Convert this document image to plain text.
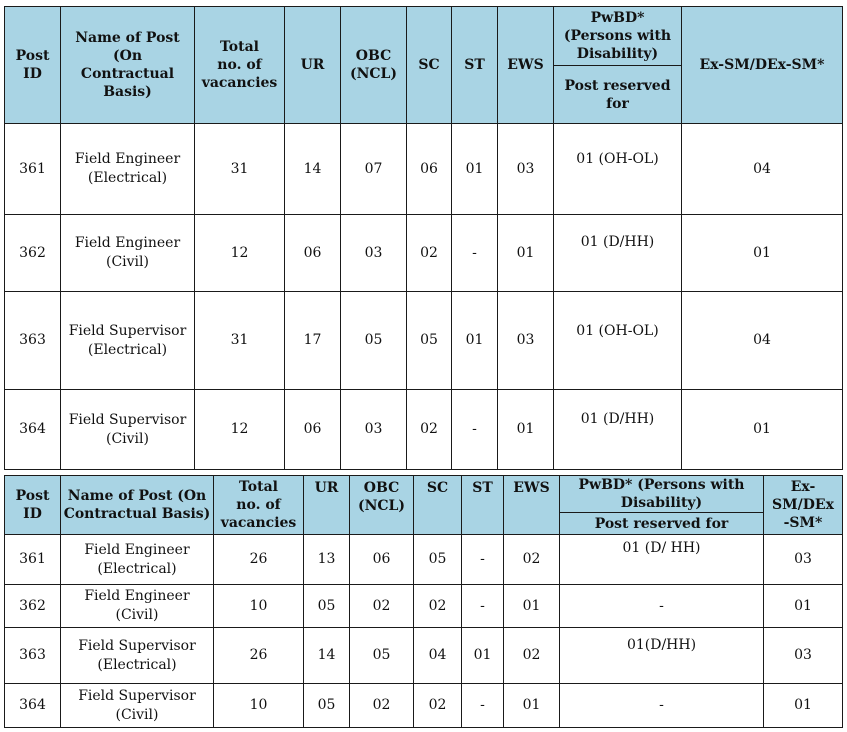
Post
ID	Name of Post
(On
Contractual
Basis)	Total
no. of
vacancies	UR	OBC
(NCL)	SC	ST	EWS	PwBD*
(Persons with
Disability)	Ex-SM/DEx-SM*

								Post reserved
for	

361	Field Engineer
(Electrical)	31	14	07	06	01	03	01 (OH-OL)	04
362	Field Engineer
(Civil)	12	06	03	02	-	01	01 (D/HH)	01
363	Field Supervisor
(Electrical)	31	17	05	05	01	03	01 (OH-OL)	04
364	Field Supervisor
(Civil)	12	06	03	02	-	01	01 (D/HH)	01
Post
ID	Name of Post (On
Contractual Basis)	Total
no. of
vacancies	UR	OBC
(NCL)	SC	ST	EWS	PwBD* (Persons with
Disability)	Ex-
SM/DEx
-SM*

								Post reserved for	
361	Field Engineer
(Electrical)	26	13	06	05	-	02	01 (D/ HH)	03
362	Field Engineer
(Civil)	10	05	02	02	-	01	-	01
363	Field Supervisor
(Electrical)	26	14	05	04	01	02	01(D/HH)	03
364	Field Supervisor
(Civil)	10	05	02	02	-	01	-	01
